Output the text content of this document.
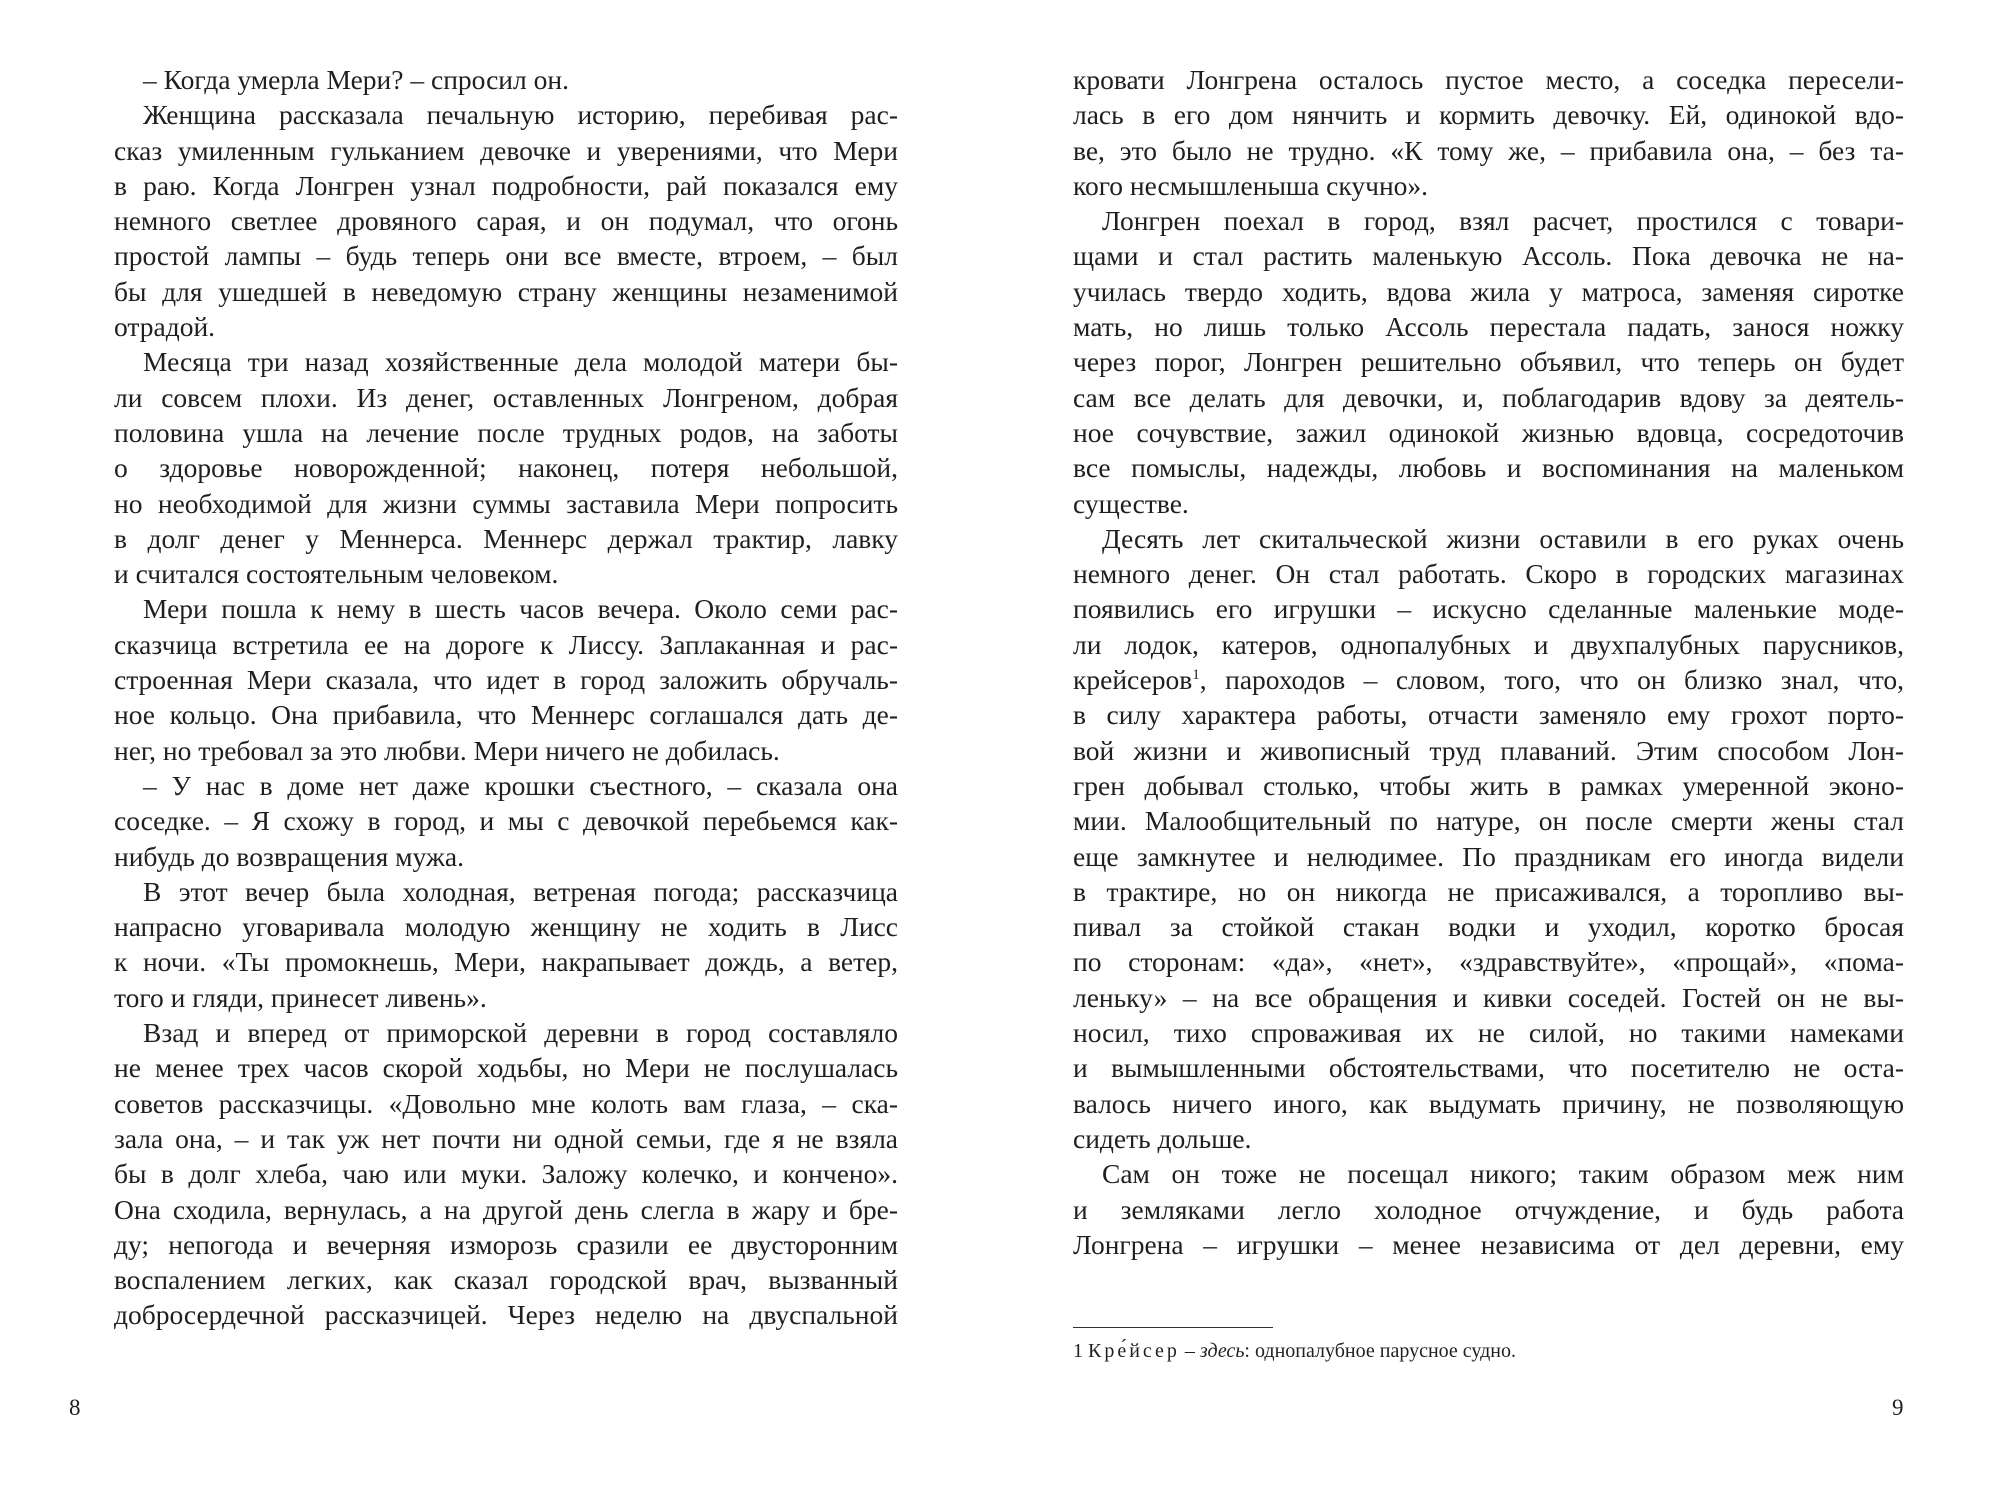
– Когда умерла Мери? – спросил он.
Женщина рассказала печальную историю, перебивая рас-
сказ умиленным гульканием девочке и уверениями, что Мери
в раю. Когда Лонгрен узнал подробности, рай показался ему
немного светлее дровяного сарая, и он подумал, что огонь
простой лампы – будь теперь они все вместе, втроем, – был
бы для ушедшей в неведомую страну женщины незаменимой
отрадой.
Месяца три назад хозяйственные дела молодой матери бы-
ли совсем плохи. Из денег, оставленных Лонгреном, добрая
половина ушла на лечение после трудных родов, на заботы
о здоровье новорожденной; наконец, потеря небольшой,
но необходимой для жизни суммы заставила Мери попросить
в долг денег у Меннерса. Меннерс держал трактир, лавку
и считался состоятельным человеком.
Мери пошла к нему в шесть часов вечера. Около семи рас-
сказчица встретила ее на дороге к Лиссу. Заплаканная и рас-
строенная Мери сказала, что идет в город заложить обручаль-
ное кольцо. Она прибавила, что Меннерс соглашался дать де-
нег, но требовал за это любви. Мери ничего не добилась.
– У нас в доме нет даже крошки съестного, – сказала она
соседке. – Я схожу в город, и мы с девочкой перебьемся как-
нибудь до возвращения мужа.
В этот вечер была холодная, ветреная погода; рассказчица
напрасно уговаривала молодую женщину не ходить в Лисс
к ночи. «Ты промокнешь, Мери, накрапывает дождь, а ветер,
того и гляди, принесет ливень».
Взад и вперед от приморской деревни в город составляло
не менее трех часов скорой ходьбы, но Мери не послушалась
советов рассказчицы. «Довольно мне колоть вам глаза, – ска-
зала она, – и так уж нет почти ни одной семьи, где я не взяла
бы в долг хлеба, чаю или муки. Заложу колечко, и кончено».
Она сходила, вернулась, а на другой день слегла в жару и бре-
ду; непогода и вечерняя изморозь сразили ее двусторонним
воспалением легких, как сказал городской врач, вызванный
добросердечной рассказчицей. Через неделю на двуспальной
8
кровати Лонгрена осталось пустое место, а соседка пересели-
лась в его дом нянчить и кормить девочку. Ей, одинокой вдо-
ве, это было не трудно. «К тому же, – прибавила она, – без та-
кого несмышленыша скучно».
Лонгрен поехал в город, взял расчет, простился с товари-
щами и стал растить маленькую Ассоль. Пока девочка не на-
училась твердо ходить, вдова жила у матроса, заменяя сиротке
мать, но лишь только Ассоль перестала падать, занося ножку
через порог, Лонгрен решительно объявил, что теперь он будет
сам все делать для девочки, и, поблагодарив вдову за деятель-
ное сочувствие, зажил одинокой жизнью вдовца, сосредоточив
все помыслы, надежды, любовь и воспоминания на маленьком
существе.
Десять лет скитальческой жизни оставили в его руках очень
немного денег. Он стал работать. Скоро в городских магазинах
появились его игрушки – искусно сделанные маленькие моде-
ли лодок, катеров, однопалубных и двухпалубных парусников,
крейсеров$^1$, пароходов – словом, того, что он близко знал, что,
в силу характера работы, отчасти заменяло ему грохот порто-
вой жизни и живописный труд плаваний. Этим способом Лон-
грен добывал столько, чтобы жить в рамках умеренной эконо-
мии. Малообщительный по натуре, он после смерти жены стал
еще замкнутее и нелюдимее. По праздникам его иногда видели
в трактире, но он никогда не присаживался, а торопливо вы-
пивал за стойкой стакан водки и уходил, коротко бросая
по сторонам: «да», «нет», «здравствуйте», «прощай», «пома-
леньку» – на все обращения и кивки соседей. Гостей он не вы-
носил, тихо спроваживая их не силой, но такими намеками
и вымышленными обстоятельствами, что посетителю не оста-
валось ничего иного, как выдумать причину, не позволяющую
сидеть дольше.
Сам он тоже не посещал никого; таким образом меж ним
и земляками легло холодное отчуждение, и будь работа
Лонгрена – игрушки – менее независима от дел деревни, ему
1 Кре́йсер – здесь: однопалубное парусное судно.
9
